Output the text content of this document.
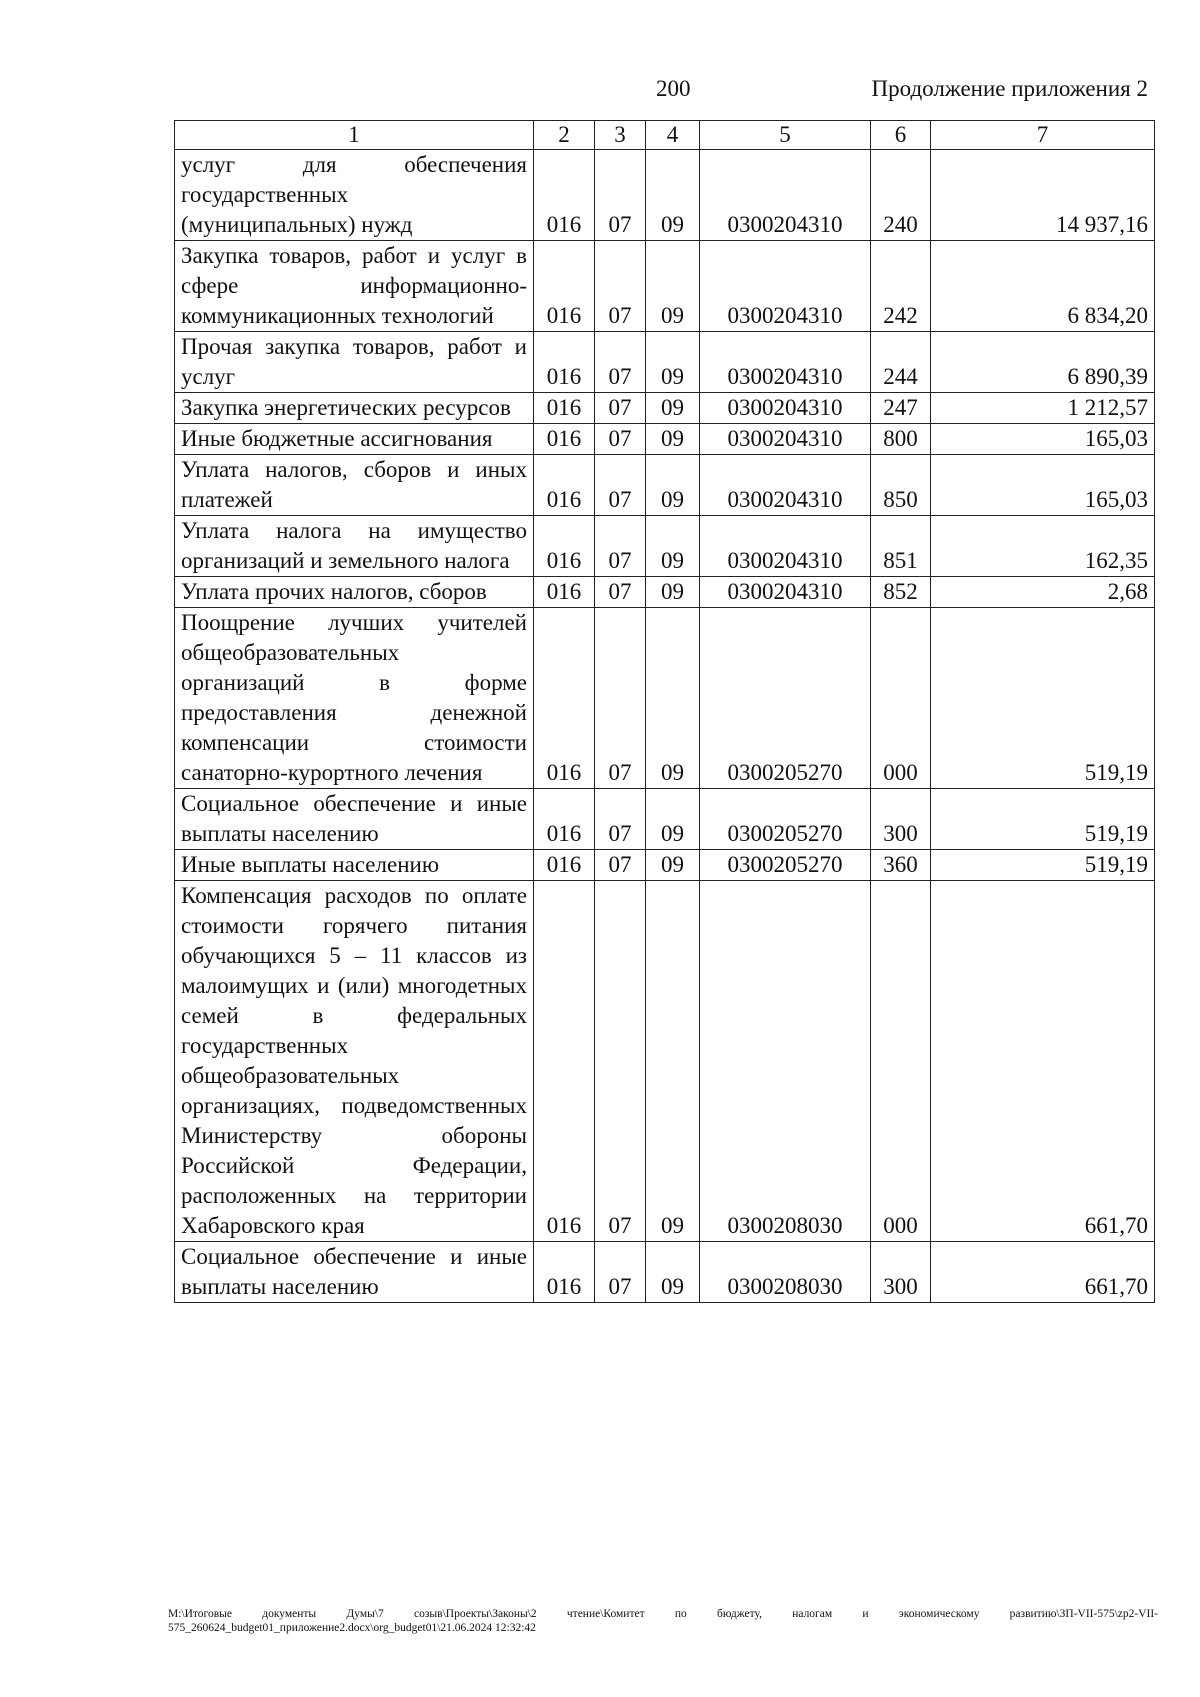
200	Продолжение приложения 2
1	2	3	4	5	6	7
услуг для обеспечения государственных (муниципальных) нужд	016	07	09	0300204310	240	14 937,16
Закупка товаров, работ и услуг в сфере информационно-коммуникационных технологий	016	07	09	0300204310	242	6 834,20
Прочая закупка товаров, работ и услуг	016	07	09	0300204310	244	6 890,39
Закупка энергетических ресурсов	016	07	09	0300204310	247	1 212,57
Иные бюджетные ассигнования	016	07	09	0300204310	800	165,03
Уплата налогов, сборов и иных платежей	016	07	09	0300204310	850	165,03
Уплата налога на имущество организаций и земельного налога	016	07	09	0300204310	851	162,35
Уплата прочих налогов, сборов	016	07	09	0300204310	852	2,68
Поощрение лучших учителей общеобразовательных организаций в форме предоставления денежной компенсации стоимости санаторно-курортного лечения	016	07	09	0300205270	000	519,19
Социальное обеспечение и иные выплаты населению	016	07	09	0300205270	300	519,19
Иные выплаты населению	016	07	09	0300205270	360	519,19
Компенсация расходов по оплате стоимости горячего питания обучающихся 5 – 11 классов из малоимущих и (или) многодетных семей в федеральных государственных общеобразовательных организациях, подведомственных Министерству обороны Российской Федерации, расположенных на территории Хабаровского края	016	07	09	0300208030	000	661,70
Социальное обеспечение и иные выплаты населению	016	07	09	0300208030	300	661,70
M:\Итоговые документы Думы\7 созыв\Проекты\Законы\2 чтение\Комитет по бюджету, налогам и экономическому развитию\ЗП-VII-575\zp2-VII-575_260624_budget01_приложение2.docx\org_budget01\21.06.2024 12:32:42
